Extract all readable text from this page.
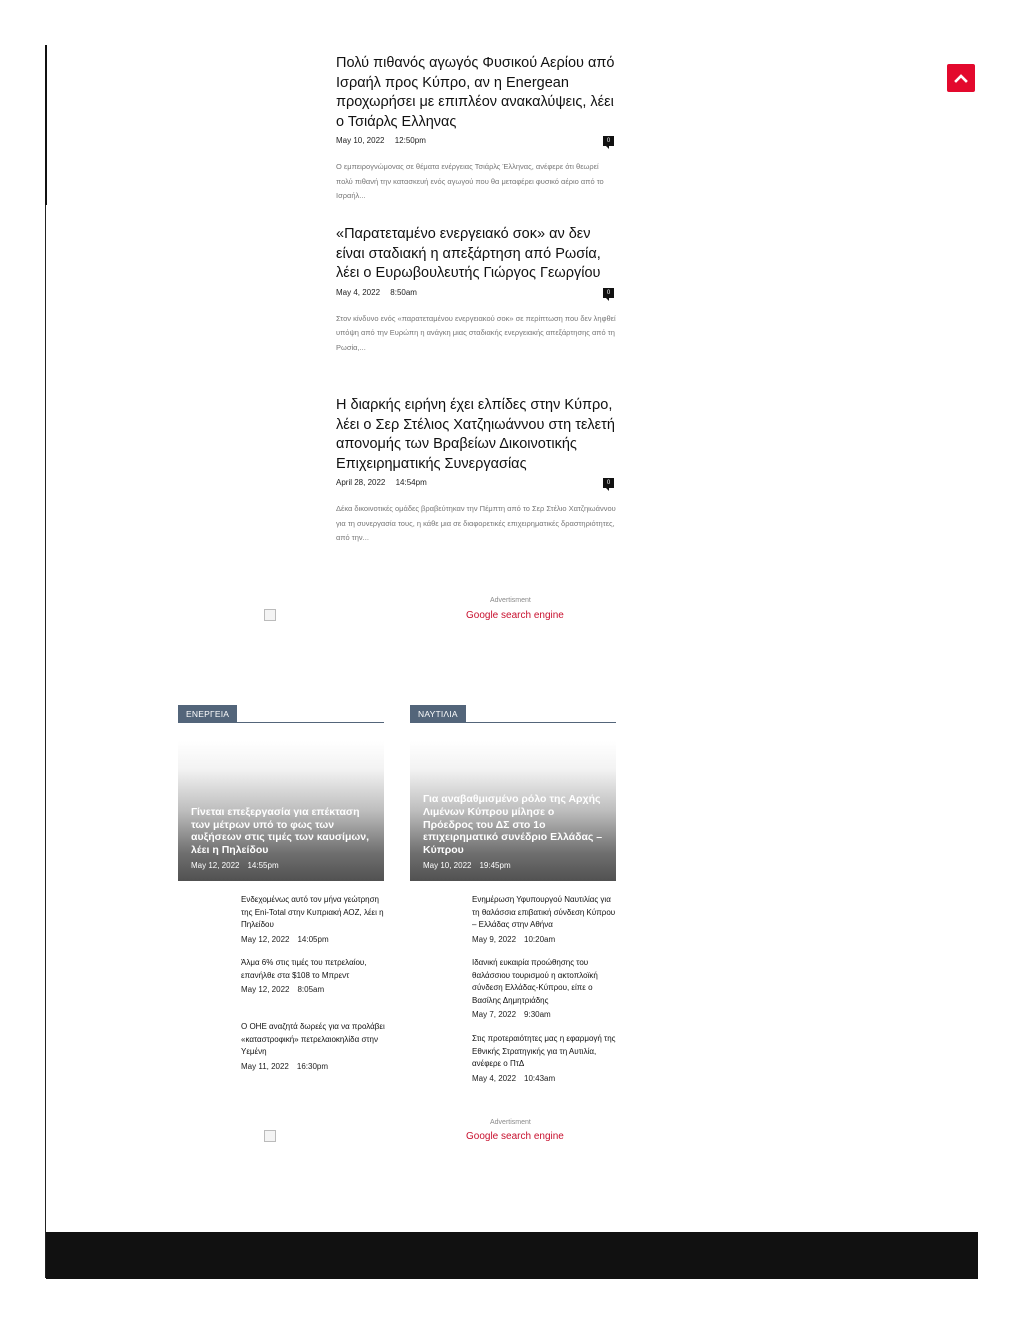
Πολύ πιθανός αγωγός Φυσικού Αερίου από Ισραήλ προς Κύπρο, αν η Energean προχωρήσει με επιπλέον ανακαλύψεις, λέει ο Τσιάρλς Ελληνας
May 10, 2022 12:50pm	0
Ο εμπειρογνώμονας σε θέματα ενέργειας Τσιάρλς Έλληνας, ανέφερε ότι θεωρεί πολύ πιθανή την κατασκευή ενός αγωγού που θα μεταφέρει φυσικό αέριο από το Ισραήλ...
«Παρατεταμένο ενεργειακό σοκ» αν δεν είναι σταδιακή η απεξάρτηση από Ρωσία, λέει ο Ευρωβουλευτής Γιώργος Γεωργίου
May 4, 2022 8:50am	0
Στον κίνδυνο ενός «παρατεταμένου ενεργειακού σοκ» σε περίπτωση που δεν ληφθεί υπόψη από την Ευρώπη η ανάγκη μιας σταδιακής ενεργειακής απεξάρτησης από τη Ρωσία,...
Η διαρκής ειρήνη έχει ελπίδες στην Κύπρο, λέει ο Σερ Στέλιος Χατζηιωάννου στη τελετή απονομής των Βραβείων Δικοινοτικής Επιχειρηματικής Συνεργασίας
April 28, 2022 14:54pm	0
Δέκα δικοινοτικές ομάδες βραβεύτηκαν την Πέμπτη από το Σερ Στέλιο Χατζηιωάννου για τη συνεργασία τους, η κάθε μια σε διαφορετικές επιχειρηματικές δραστηριότητες, από την...
Advertisment
Google search engine
ΕΝΕΡΓΕΙΑ	ΝΑΥΤΙΛΙΑ
Γίνεται επεξεργασία για επέκταση των μέτρων υπό το φως των αυξήσεων στις τιμές των καυσίμων, λέει η Πηλείδου
May 12, 2022 14:55pm
Για αναβαθμισμένο ρόλο της Αρχής Λιμένων Κύπρου μίλησε ο Πρόεδρος του ΔΣ στο 1ο επιχειρηματικό συνέδριο Ελλάδας – Κύπρου
May 10, 2022 19:45pm
Ενδεχομένως αυτό τον μήνα γεώτρηση της Eni-Total στην Κυπριακή ΑΟΖ, λέει η Πηλείδου
May 12, 2022 14:05pm
Άλμα 6% στις τιμές του πετρελαίου, επανήλθε στα $108 το Μπρεντ
May 12, 2022 8:05am
Ο ΟΗΕ αναζητά δωρεές για να προλάβει «καταστροφική» πετρελαιοκηλίδα στην Υεμένη
May 11, 2022 16:30pm
Ενημέρωση Υφυπουργού Ναυτιλίας για τη θαλάσσια επιβατική σύνδεση Κύπρου – Ελλάδας στην Αθήνα
May 9, 2022 10:20am
Ιδανική ευκαιρία προώθησης του θαλάσσιου τουρισμού η ακτοπλοϊκή σύνδεση Ελλάδας-Κύπρου, είπε ο Βασίλης Δημητριάδης
May 7, 2022 9:30am
Στις προτεραιότητες μας η εφαρμογή της Εθνικής Στρατηγικής για τη Αυτιλία, ανέφερε ο ΠτΔ
May 4, 2022 10:43am
Advertisment
Google search engine
